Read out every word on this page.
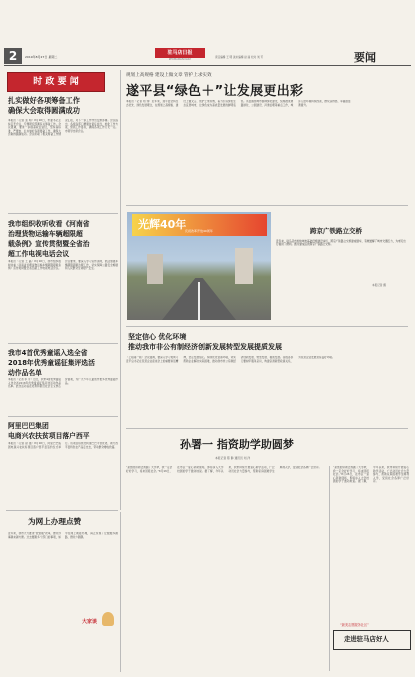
2	2019年8月27日 星期二
驻马店日报
ZHUMADIAN DAILY
责任编辑 王 明 美术编辑 赵 丽 校对 刘 芳	要闻
时 政 要 闻
扎实做好各项筹备工作
确保大会取得圆满成功
本报讯（记者 张 明）8月26日，市委书记主持召开会议，专题研究部署有关筹备工作。会议强调，要进一步提高政治站位，坚持高标准、严要求，扎实做好各项筹备工作，确保大会取得圆满成功。会议听取了相关筹备工作情况汇报，对下一步工作作出安排部署。会议指出，各级各部门要强化责任担当，细化工作方案，狠抓工作落实，确保各项工作万无一失。市领导出席会议。
我市组织收听收看《河南省
治理货物运输车辆超限超
载条例》宣传贯彻暨全省治
超工作电视电话会议
本报讯（记者 王 磊）8月26日，我市组织收听收看《河南省治理货物运输车辆超限超载条例》宣传贯彻暨全省治超工作电视电话会议。会议要求，要深入学习宣传条例，依法加强车辆超限超载治理工作，切实保障公路安全畅通和人民群众生命财产安全。
我市4首优秀童谣入选全省
2018年优秀童谣征集评选活
动作品名单
本报讯（记者 李 芳）近日，我市4首优秀童谣入选全省2018年优秀童谣征集评选活动作品名单。此次活动旨在培育和践行社会主义核心价值观，为广大少年儿童创作更多优秀童谣作品。
阿里巴巴集团
电商兴农扶贫项目落户西平
本报讯（记者 赵 强）8月26日，阿里巴巴集团电商兴农扶贫项目落户西平县签约仪式举行。该项目将依托阿里巴巴平台优势，助力西平县特色农产品走出去，带动群众增收致富。
规划上高规格 建设上做文章 管护上求实效
遂平县“绿色＋”让发展更出彩
本报讯（记者 刘 伟）近年来，遂平县坚持生态优先、绿色发展理念，在规划上高规格、建设上做文章、管护上求实效，着力打造绿色生态宜居城市，让绿色成为高质量发展的鲜明底色。该县围绕城市园林绿化建设，统筹推进道路绿化、公园建设、河道治理等重点工作，城乡人居环境持续改善，群众获得感、幸福感显著提升。
光辉40年
庆祝改革开放40周年	跨京广铁路立交桥
近年来，驻马店市加快城市基础设施建设步伐，跨京广铁路立交桥建成通车，有效缓解了城市交通压力，为市民出行提供了便利。图为建成后的跨京广铁路立交桥。
本报记者 摄
坚定信心 优化环境
推动我市非公有制经济创新发展转型发展提质发展
（上接第一版）会议强调，要深入学习贯彻习近平总书记在民营企业座谈会上的重要讲话精神，坚定发展信心，持续优化营商环境，切实帮助企业解决实际困难，推动我市非公有制经济创新发展、转型发展、提质发展。各级各部门要树牢服务意识，构建亲清新型政商关系，为民营企业发展营造良好环境。
孙署一 指资助学助圆梦
本报记者 陈 静 通讯员 刘 洋
“是您的资助让我圆了大学梦，我一定会好好学习，将来回报社会。”8月26日，在市区一爱心资助现场，即将步入大学校园的学子激动地说。据了解，今年以来，我市持续开展爱心助学活动，广泛动员社会力量参与，帮助家庭困难学生顺利入学，受到社会各界广泛好评。	“是您的资助让我圆了大学梦，我一定会好好学习，将来回报社会。”8月26日，在市区一爱心资助现场，即将步入大学校园的学子激动地说。据了解，今年以来，我市持续开展爱心助学活动，广泛动员社会力量参与，帮助家庭困难学生顺利入学，受到社会各界广泛好评。
“最美志愿服务社区”
走进驻马店好人
为网上办理点赞
近年来，我市大力推进“放管服”改革，群众办事越来越方便。过去要跑多个部门的事项，如今在网上就能办理，真正实现了让数据多跑路、群众少跑腿。
大家谈
